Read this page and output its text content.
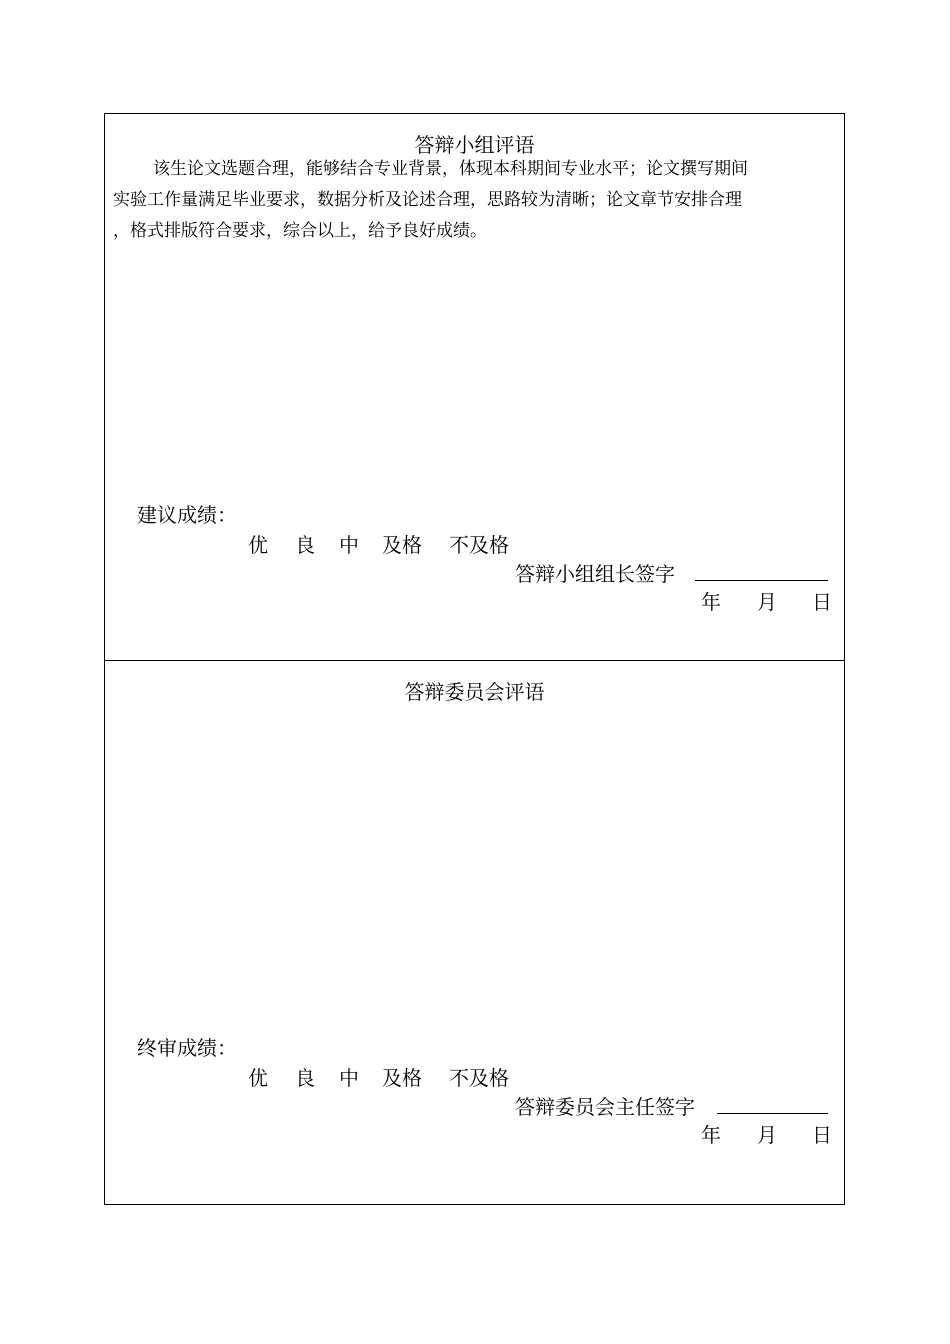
答辩小组评语

该生论文选题合理，能够结合专业背景，体现本科期间专业水平；论文撰写期间

实验工作量满足毕业要求，数据分析及论述合理，思路较为清晰；论文章节安排合理

，格式排版符合要求，综合以上，给予良好成绩。

建议成绩：
优 良 中 及格 不及格
答辩小组组长签字
年 月 日
答辩委员会评语
终审成绩：
优 良 中 及格 不及格
答辩委员会主任签字
年 月 日
